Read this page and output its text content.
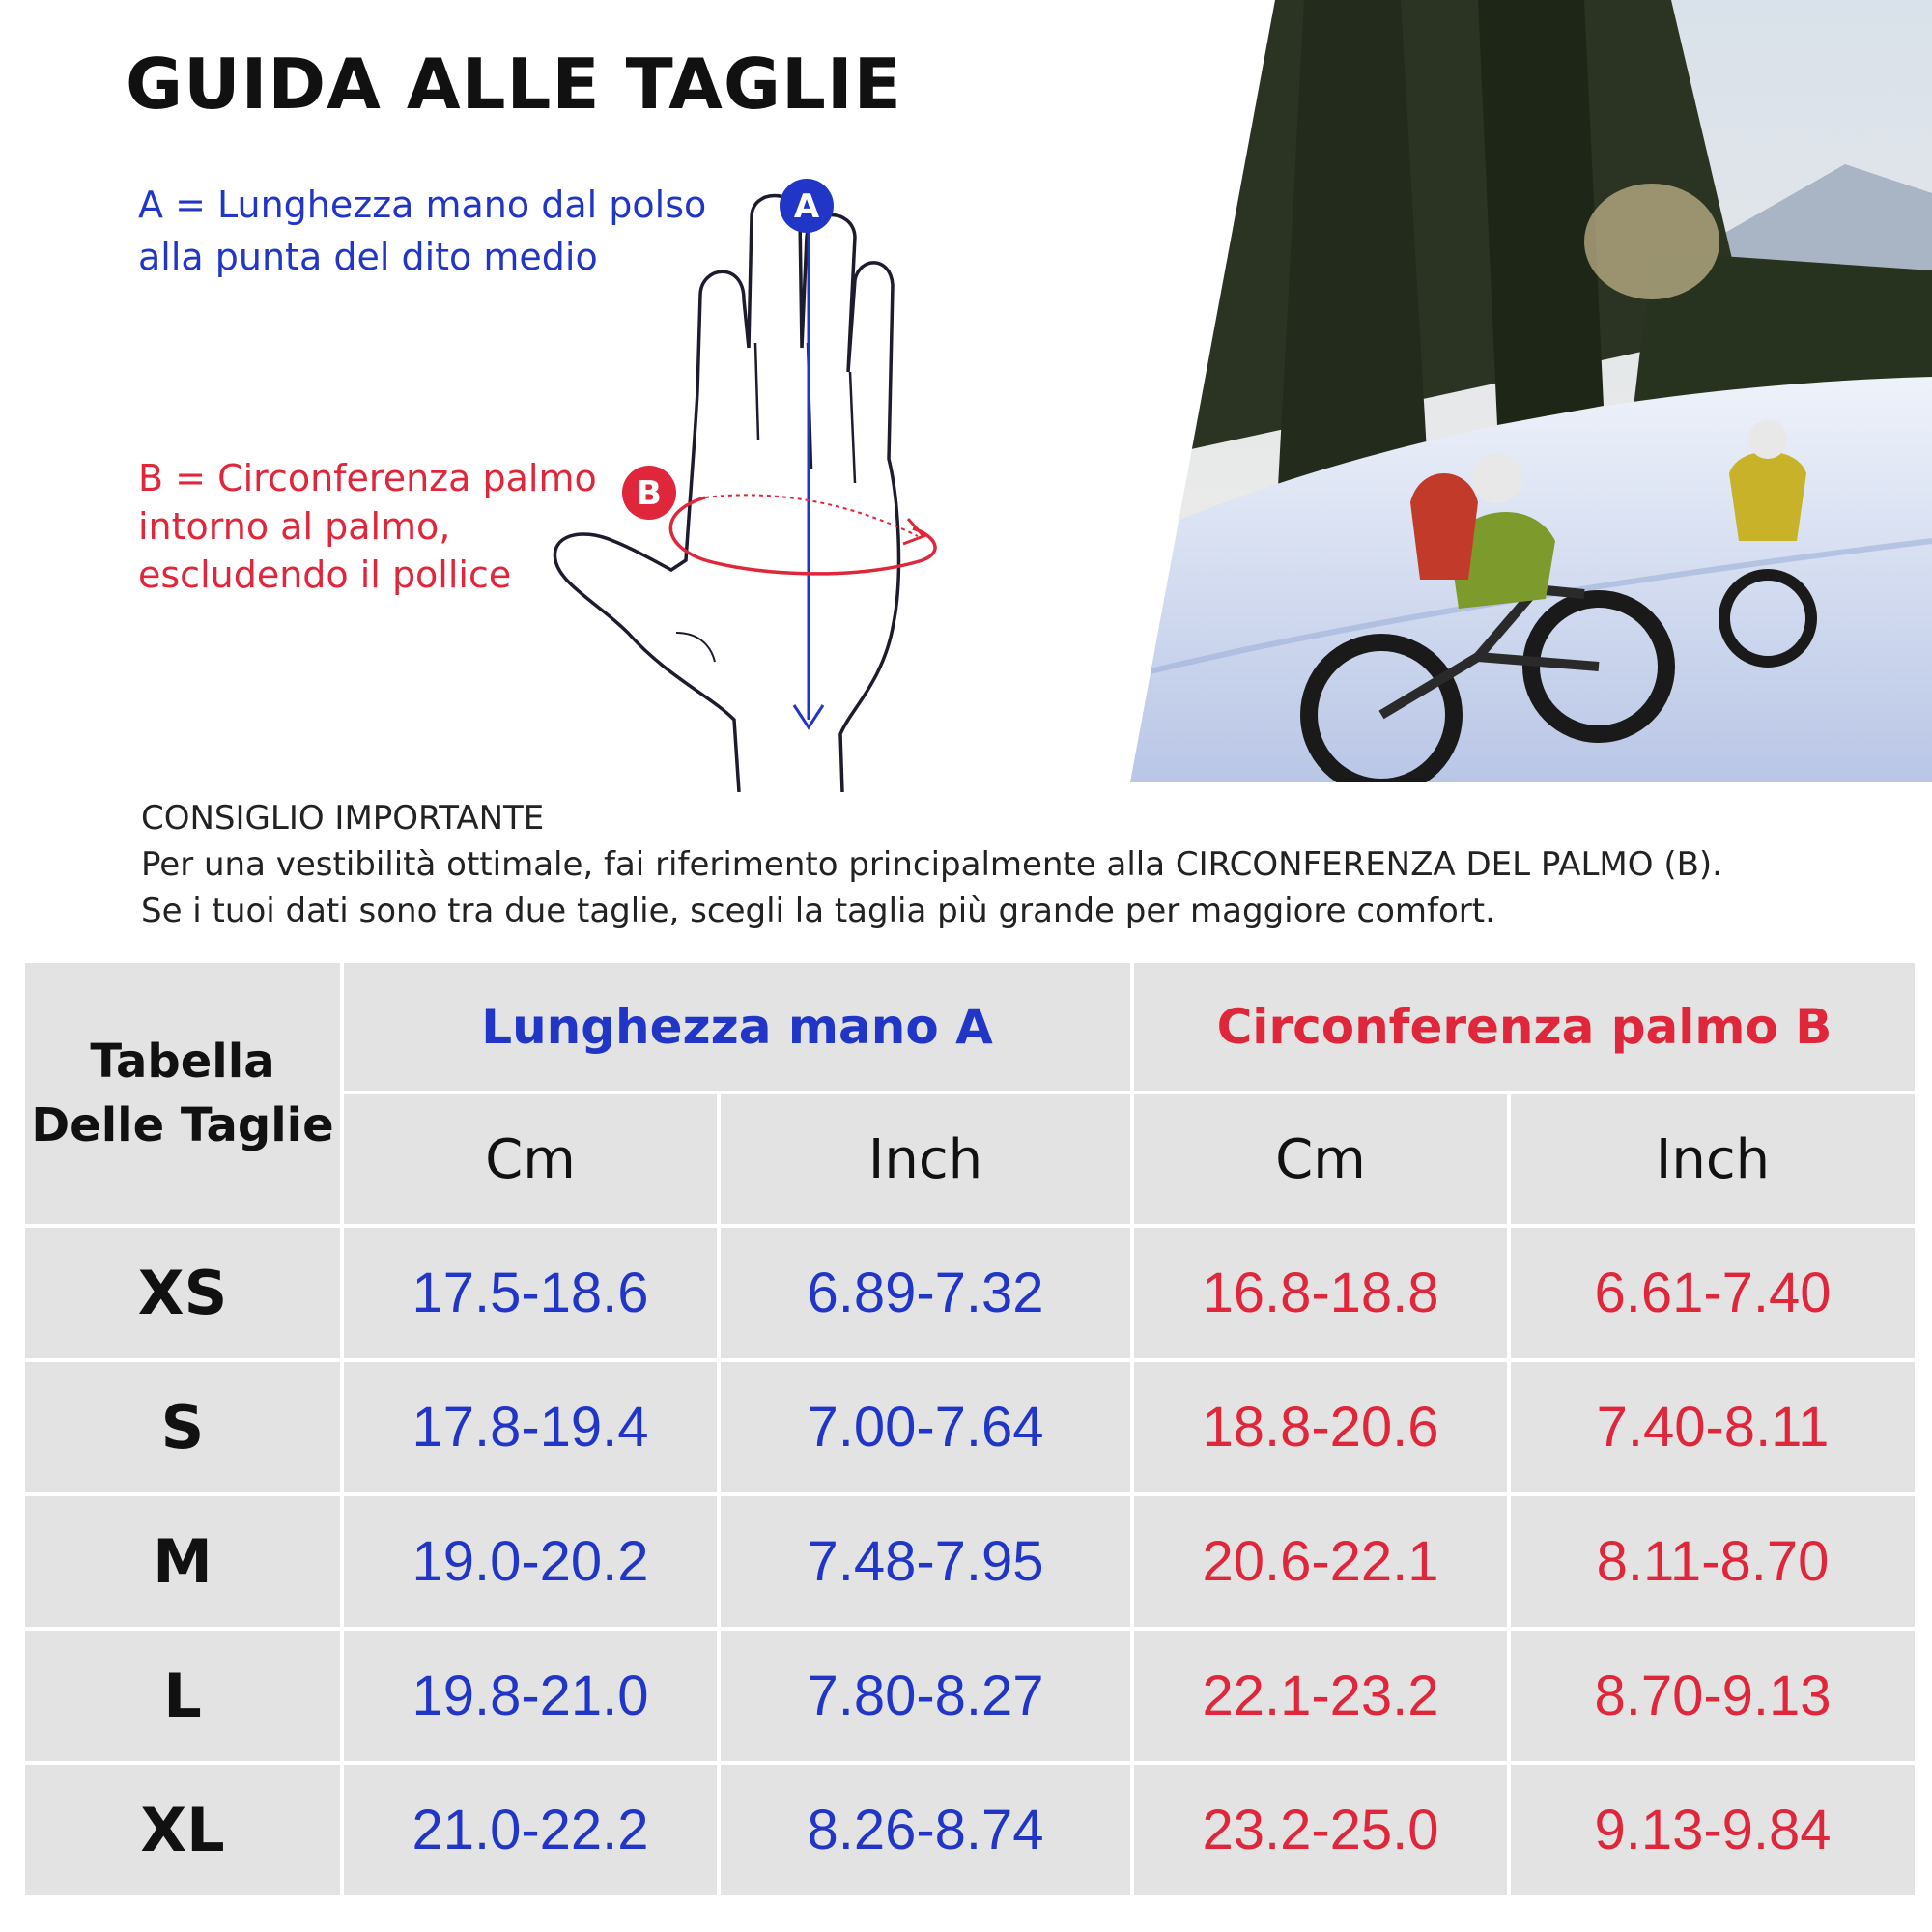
GUIDA ALLE TAGLIE
A = Lunghezza mano dal polso alla punta del dito medio
B = Circonferenza palmo intorno al palmo, escludendo il pollice
A
B
CONSIGLIO IMPORTANTE
Per una vestibilità ottimale, fai riferimento principalmente alla CIRCONFERENZA DEL PALMO (B).
Se i tuoi dati sono tra due taglie, scegli la taglia più grande per maggiore comfort.
Tabella Delle Taglie	Lunghezza mano A		Circonferenza palmo B	
	Cm	Inch	Cm	Inch
XS	17.5-18.6	6.89-7.32	16.8-18.8	6.61-7.40
S	17.8-19.4	7.00-7.64	18.8-20.6	7.40-8.11
M	19.0-20.2	7.48-7.95	20.6-22.1	8.11-8.70
L	19.8-21.0	7.80-8.27	22.1-23.2	8.70-9.13
XL	21.0-22.2	8.26-8.74	23.2-25.0	9.13-9.84
